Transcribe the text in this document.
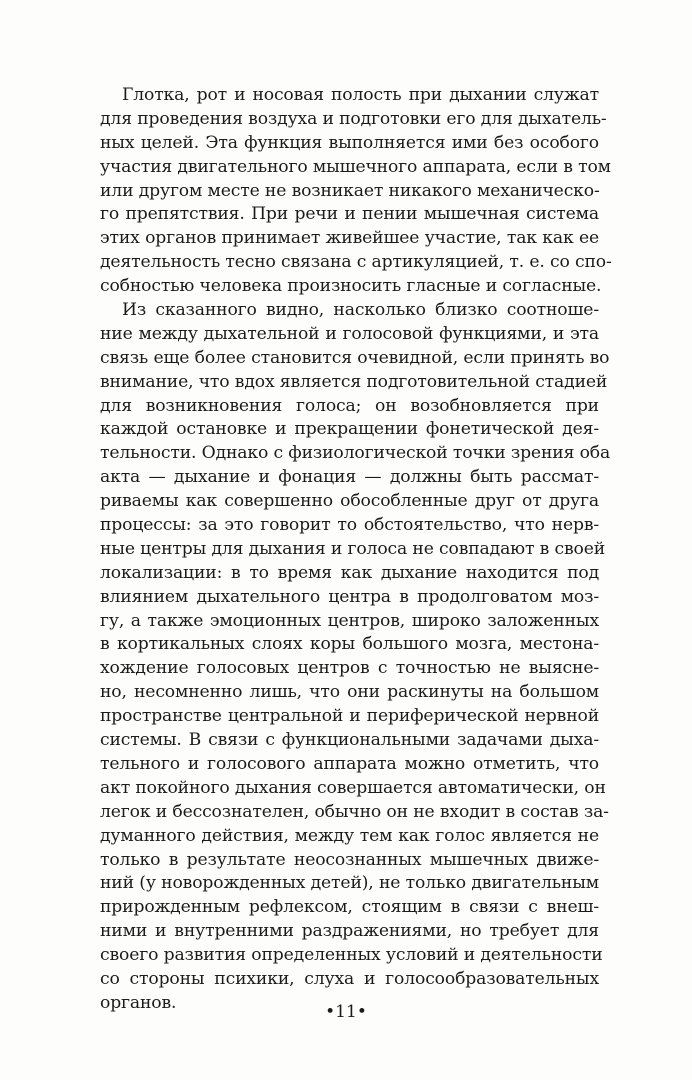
Глотка, рот и носовая полость при дыхании служат
для проведения воздуха и подготовки его для дыхатель-
ных целей. Эта функция выполняется ими без особого
участия двигательного мышечного аппарата, если в том
или другом месте не возникает никакого механическо-
го препятствия. При речи и пении мышечная система
этих органов принимает живейшее участие, так как ее
деятельность тесно связана с артикуляцией, т. е. со спо-
собностью человека произносить гласные и согласные.
Из сказанного видно, насколько близко соотноше-
ние между дыхательной и голосовой функциями, и эта
связь еще более становится очевидной, если принять во
внимание, что вдох является подготовительной стадией
для возникновения голоса; он возобновляется при
каждой остановке и прекращении фонетической дея-
тельности. Однако с физиологической точки зрения оба
акта — дыхание и фонация — должны быть рассмат-
риваемы как совершенно обособленные друг от друга
процессы: за это говорит то обстоятельство, что нерв-
ные центры для дыхания и голоса не совпадают в своей
локализации: в то время как дыхание находится под
влиянием дыхательного центра в продолговатом моз-
гу, а также эмоционных центров, широко заложенных
в кортикальных слоях коры большого мозга, местона-
хождение голосовых центров с точностью не выясне-
но, несомненно лишь, что они раскинуты на большом
пространстве центральной и периферической нервной
системы. В связи с функциональными задачами дыха-
тельного и голосового аппарата можно отметить, что
акт покойного дыхания совершается автоматически, он
легок и бессознателен, обычно он не входит в состав за-
думанного действия, между тем как голос является не
только в результате неосознанных мышечных движе-
ний (у новорожденных детей), не только двигательным
прирожденным рефлексом, стоящим в связи с внеш-
ними и внутренними раздражениями, но требует для
своего развития определенных условий и деятельности
со стороны психики, слуха и голосообразовательных
органов.	•11•
